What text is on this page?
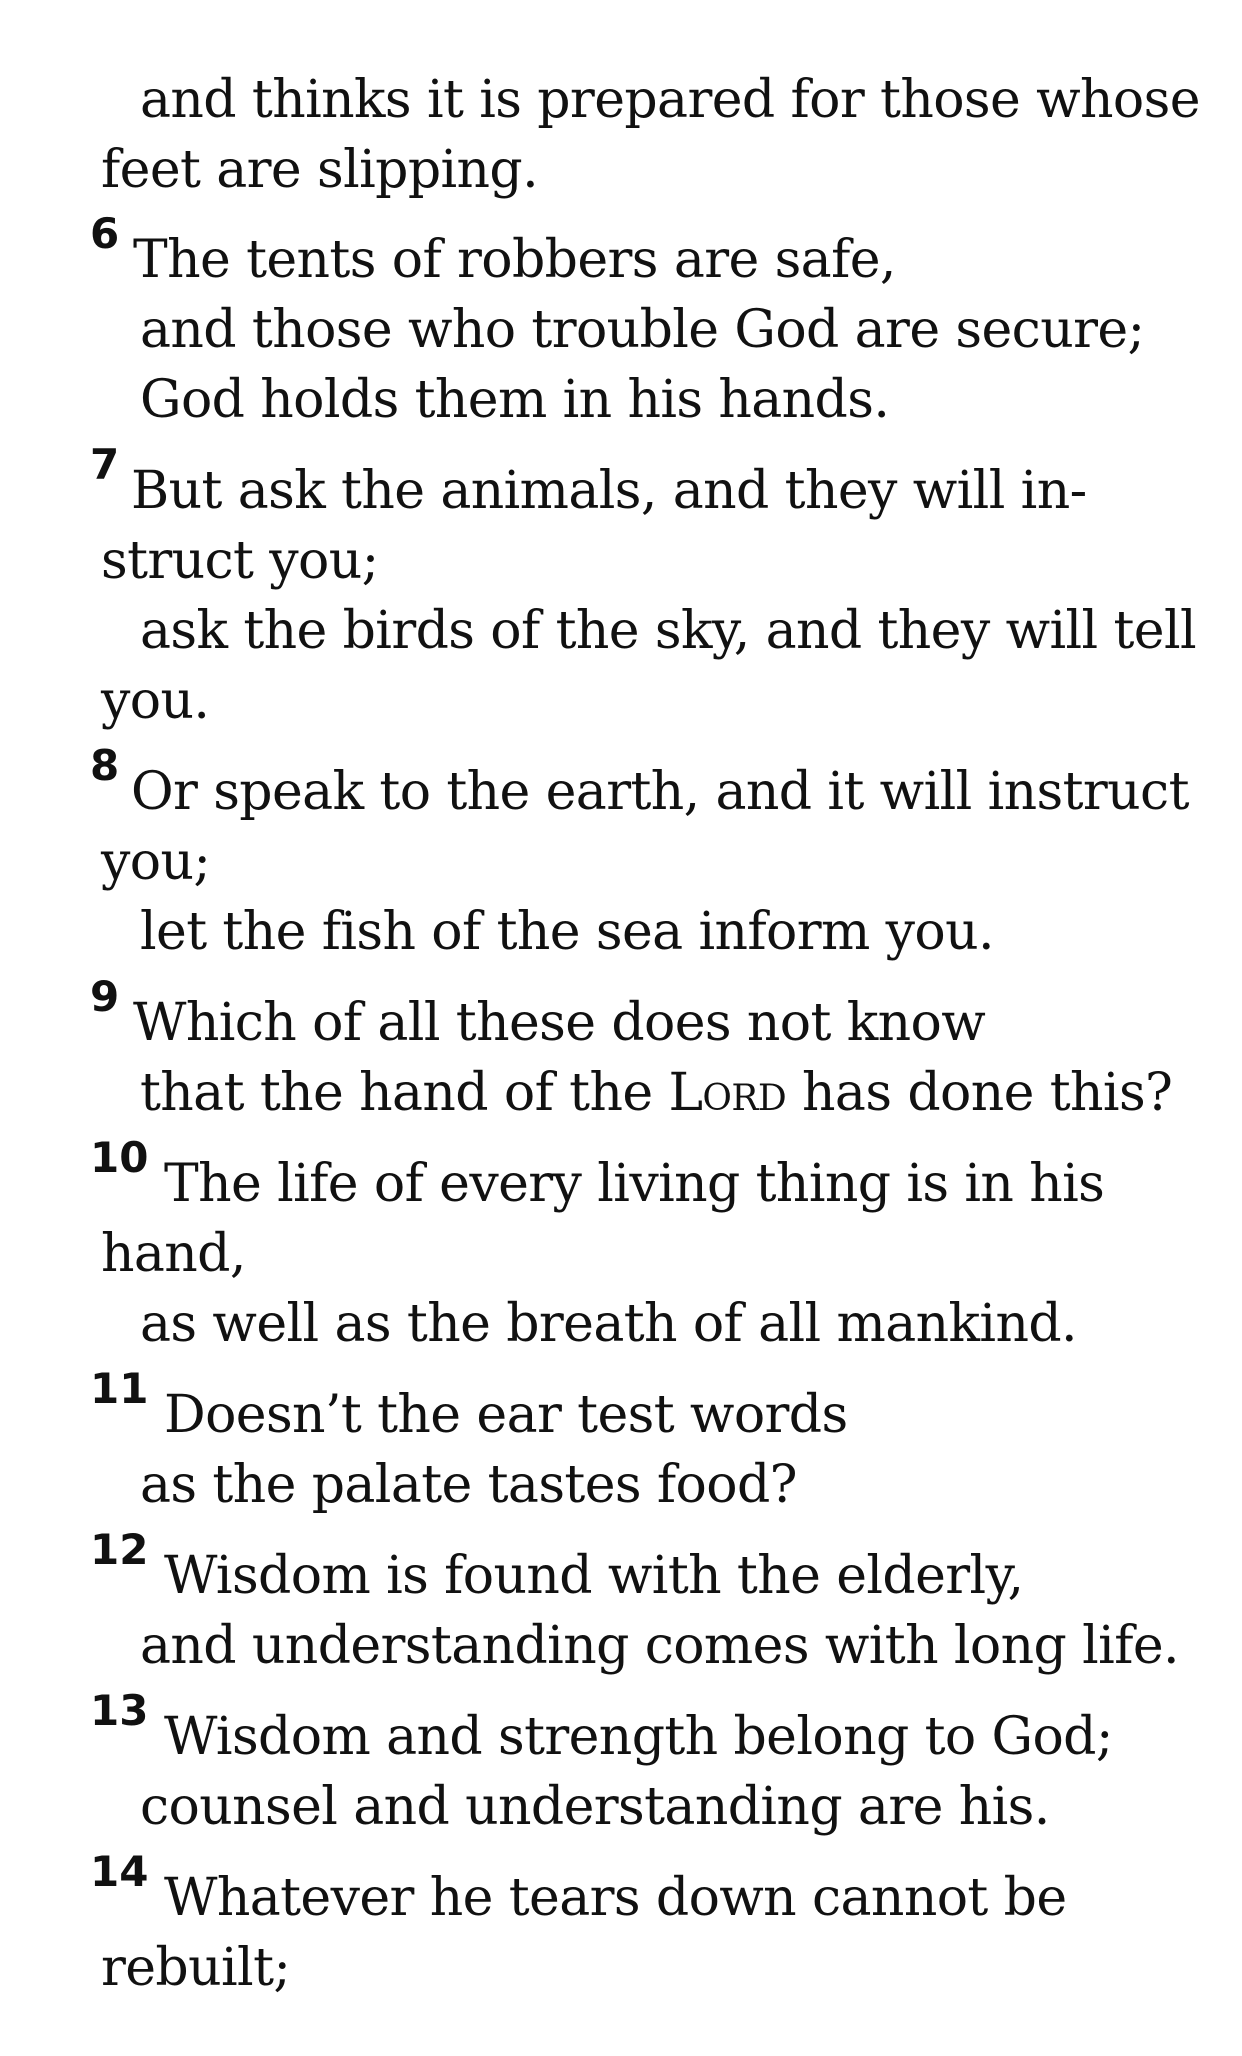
and thinks it is prepared for those whose
feet are slipping.
6 The tents of robbers are safe,
and those who trouble God are secure;
God holds them in his hands.
7 But ask the animals, and they will in-
struct you;
ask the birds of the sky, and they will tell
you.
8 Or speak to the earth, and it will instruct
you;
let the fish of the sea inform you.
9 Which of all these does not know
that the hand of the Lord has done this?
10 The life of every living thing is in his
hand,
as well as the breath of all mankind.
11 Doesn’t the ear test words
as the palate tastes food?
12 Wisdom is found with the elderly,
and understanding comes with long life.
13 Wisdom and strength belong to God;
counsel and understanding are his.
14 Whatever he tears down cannot be
rebuilt;
